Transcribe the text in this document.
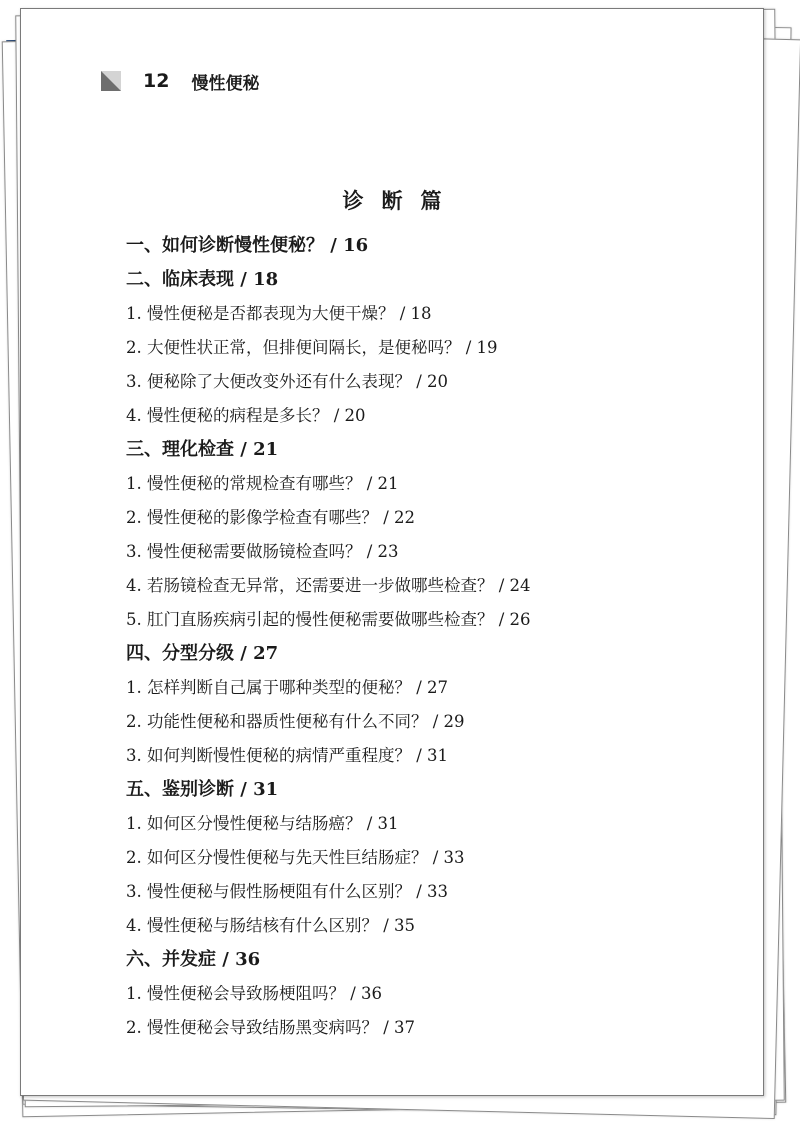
12 慢性便秘
诊断篇
一、如何诊断慢性便秘？ / 16
二、临床表现 / 18
1. 慢性便秘是否都表现为大便干燥？ / 18
2. 大便性状正常，但排便间隔长，是便秘吗？ / 19
3. 便秘除了大便改变外还有什么表现？ / 20
4. 慢性便秘的病程是多长？ / 20
三、理化检查 / 21
1. 慢性便秘的常规检查有哪些？ / 21
2. 慢性便秘的影像学检查有哪些？ / 22
3. 慢性便秘需要做肠镜检查吗？ / 23
4. 若肠镜检查无异常，还需要进一步做哪些检查？ / 24
5. 肛门直肠疾病引起的慢性便秘需要做哪些检查？ / 26
四、分型分级 / 27
1. 怎样判断自己属于哪种类型的便秘？ / 27
2. 功能性便秘和器质性便秘有什么不同？ / 29
3. 如何判断慢性便秘的病情严重程度？ / 31
五、鉴别诊断 / 31
1. 如何区分慢性便秘与结肠癌？ / 31
2. 如何区分慢性便秘与先天性巨结肠症？ / 33
3. 慢性便秘与假性肠梗阻有什么区别？ / 33
4. 慢性便秘与肠结核有什么区别？ / 35
六、并发症 / 36
1. 慢性便秘会导致肠梗阻吗？ / 36
2. 慢性便秘会导致结肠黑变病吗？ / 37
